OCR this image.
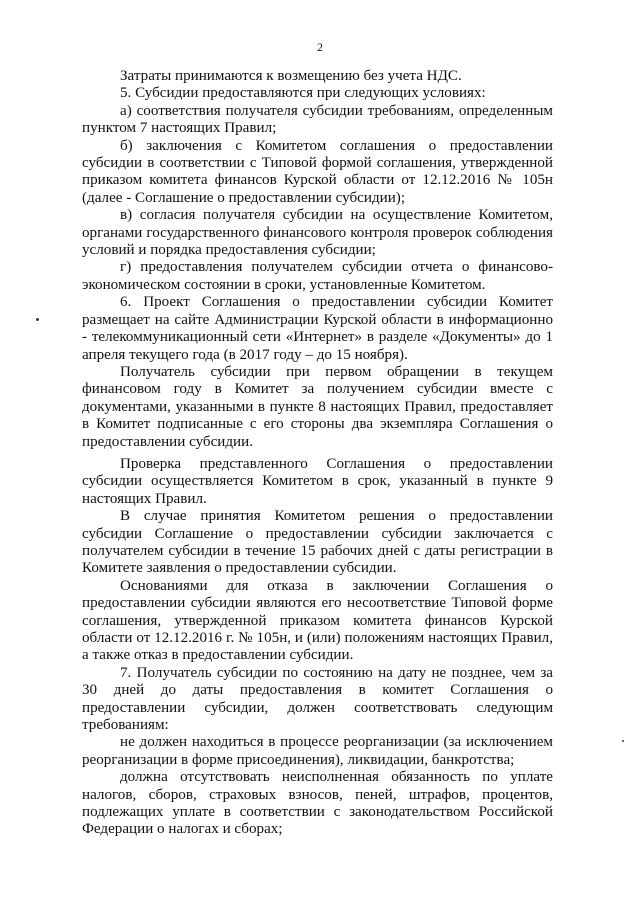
2

Затраты принимаются к возмещению без учета НДС.

5. Субсидии предоставляются при следующих условиях:

а) соответствия получателя субсидии требованиям, определенным пунктом 7 настоящих Правил;

б) заключения с Комитетом соглашения о предоставлении субсидии в соответствии с Типовой формой соглашения, утвержденной приказом комитета финансов Курской области от 12.12.2016 № 105н (далее - Соглашение о предоставлении субсидии);

в) согласия получателя субсидии на осуществление Комитетом, органами государственного финансового контроля проверок соблюдения условий и порядка предоставления субсидии;

г) предоставления получателем субсидии отчета о финансово-экономическом состоянии в сроки, установленные Комитетом.

6. Проект Соглашения о предоставлении субсидии Комитет размещает на сайте Администрации Курской области в информационно - телекоммуникационный сети «Интернет» в разделе «Документы» до 1 апреля текущего года (в 2017 году – до 15 ноября).

Получатель субсидии при первом обращении в текущем финансовом году в Комитет за получением субсидии вместе с документами, указанными в пункте 8 настоящих Правил, предоставляет в Комитет подписанные с его стороны два экземпляра Соглашения о предоставлении субсидии.

Проверка представленного Соглашения о предоставлении субсидии осуществляется Комитетом в срок, указанный в пункте 9 настоящих Правил.

В случае принятия Комитетом решения о предоставлении субсидии Соглашение о предоставлении субсидии заключается с получателем субсидии в течение 15 рабочих дней с даты регистрации в Комитете заявления о предоставлении субсидии.

Основаниями для отказа в заключении Соглашения о предоставлении субсидии являются его несоответствие Типовой форме соглашения, утвержденной приказом комитета финансов Курской области от 12.12.2016 г. № 105н, и (или) положениям настоящих Правил, а также отказ в предоставлении субсидии.

7. Получатель субсидии по состоянию на дату не позднее, чем за 30 дней до даты предоставления в комитет Соглашения о предоставлении субсидии, должен соответствовать следующим требованиям:

не должен находиться в процессе реорганизации (за исключением реорганизации в форме присоединения), ликвидации, банкротства;

должна отсутствовать неисполненная обязанность по уплате налогов, сборов, страховых взносов, пеней, штрафов, процентов, подлежащих уплате в соответствии с законодательством Российской Федерации о налогах и сборах;
